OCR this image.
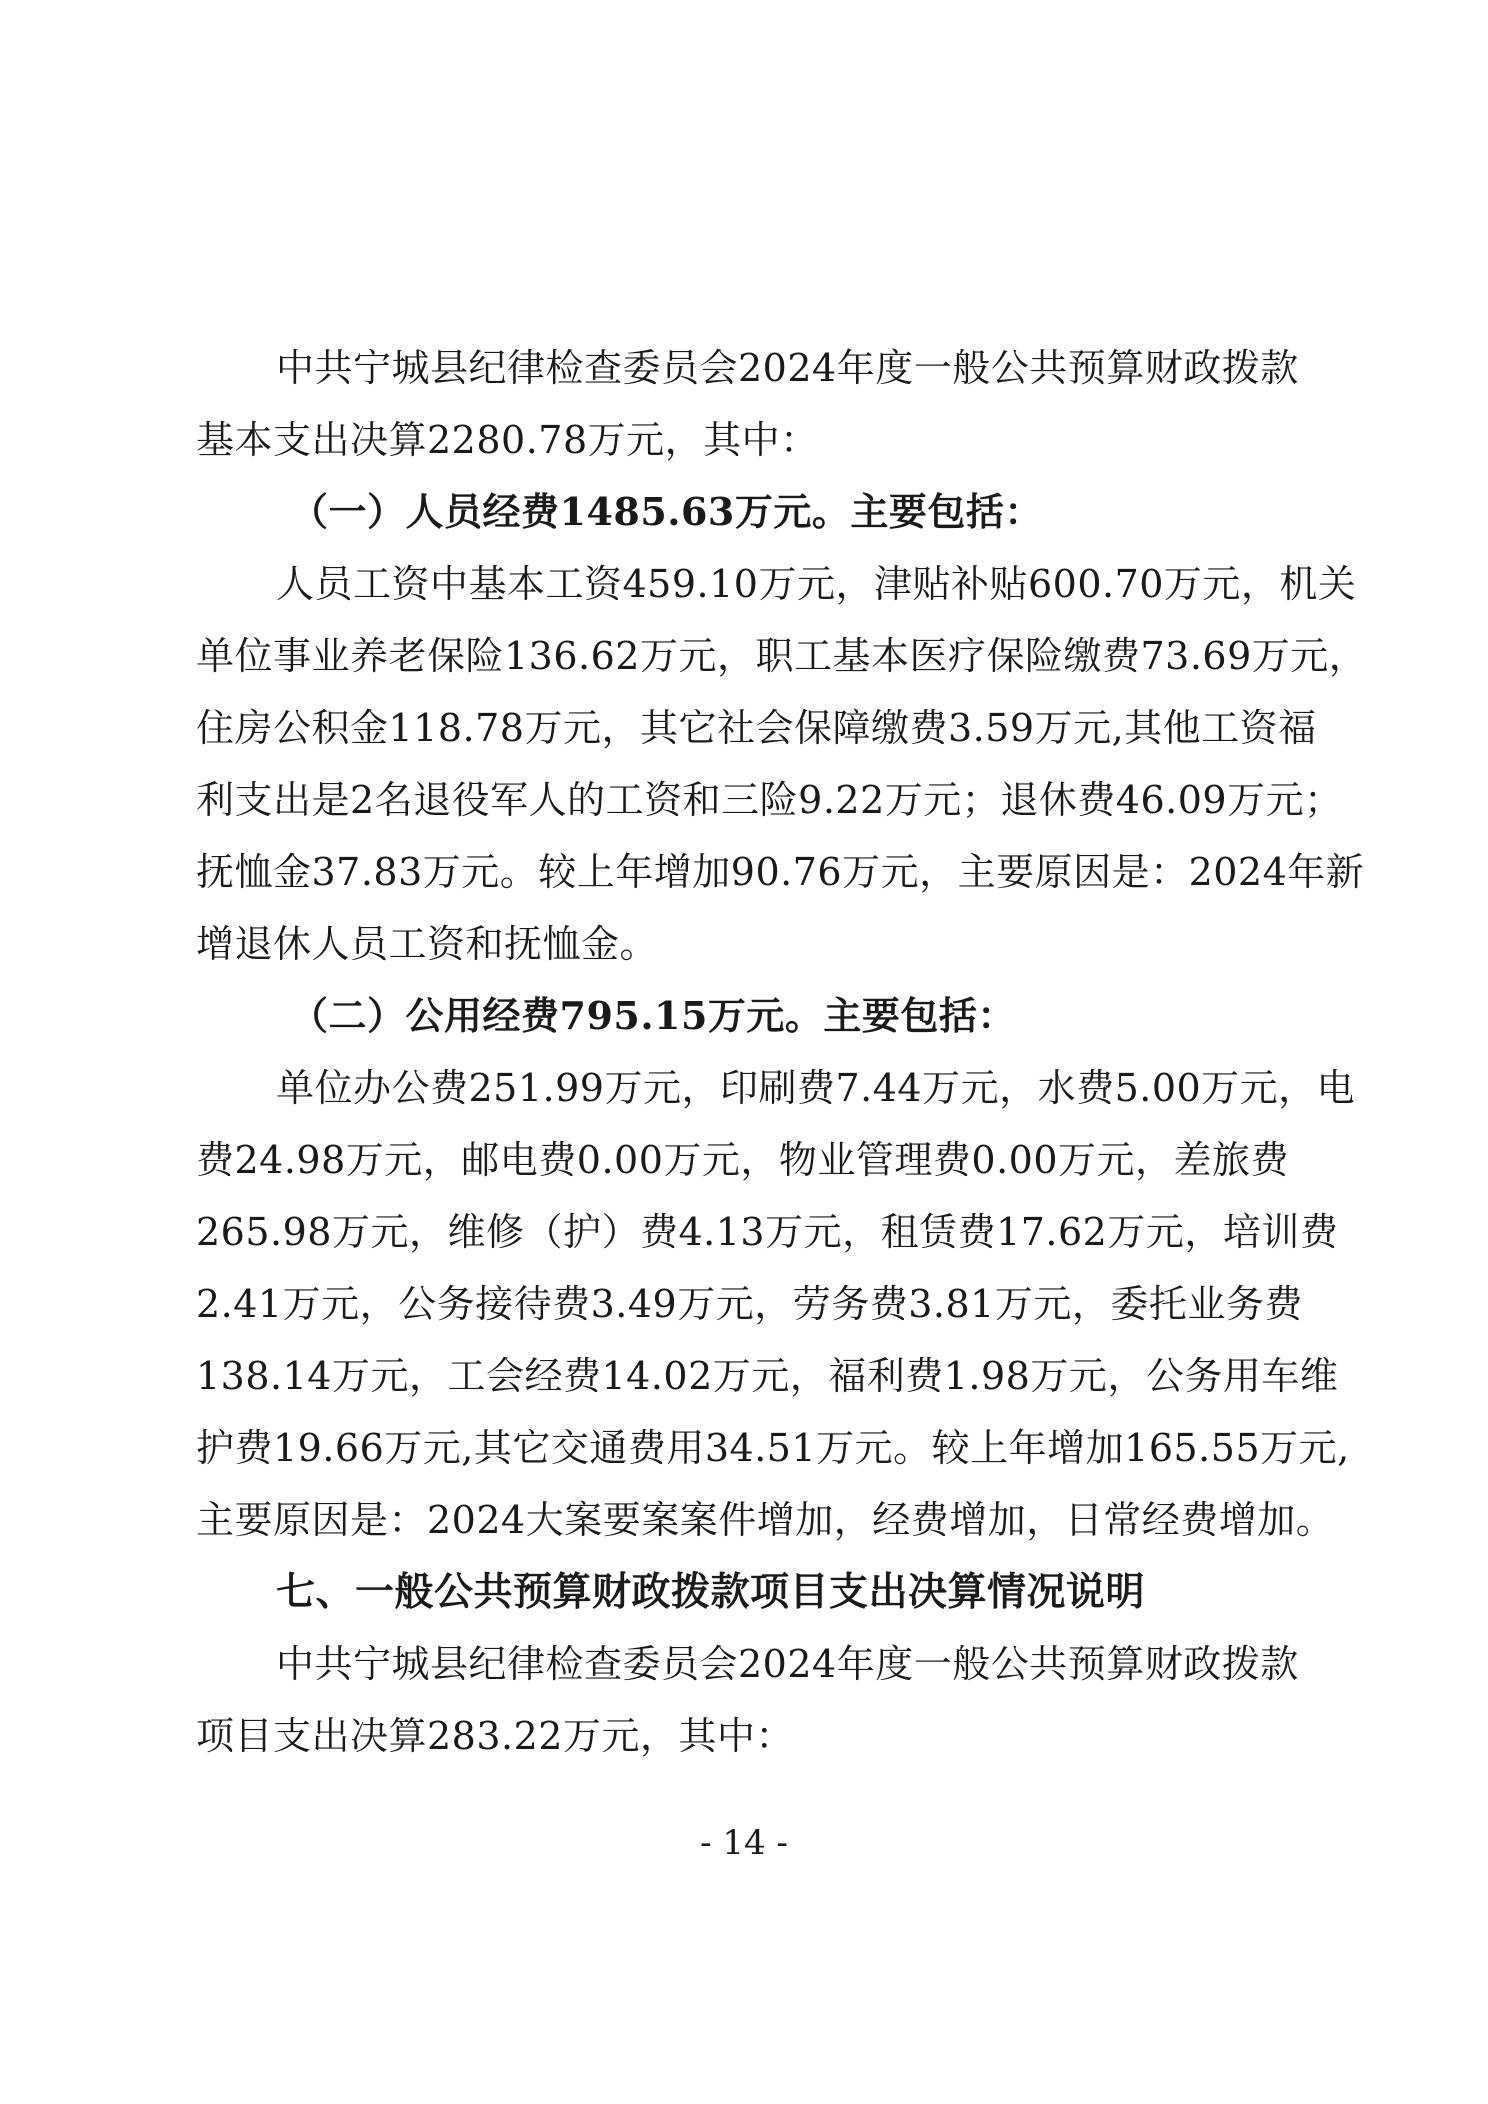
中共宁城县纪律检查委员会2024年度一般公共预算财政拨款
基本支出决算2280.78万元，其中：
（一）人员经费1485.63万元。主要包括：
人员工资中基本工资459.10万元，津贴补贴600.70万元，机关
单位事业养老保险136.62万元，职工基本医疗保险缴费73.69万元，
住房公积金118.78万元，其它社会保障缴费3.59万元,其他工资福
利支出是2名退役军人的工资和三险9.22万元；退休费46.09万元；
抚恤金37.83万元。较上年增加90.76万元，主要原因是：2024年新
增退休人员工资和抚恤金。
（二）公用经费795.15万元。主要包括：
单位办公费251.99万元，印刷费7.44万元，水费5.00万元，电
费24.98万元，邮电费0.00万元，物业管理费0.00万元，差旅费
265.98万元，维修（护）费4.13万元，租赁费17.62万元，培训费
2.41万元，公务接待费3.49万元，劳务费3.81万元，委托业务费
138.14万元，工会经费14.02万元，福利费1.98万元，公务用车维
护费19.66万元,其它交通费用34.51万元。较上年增加165.55万元,
主要原因是：2024大案要案案件增加，经费增加，日常经费增加。
七、一般公共预算财政拨款项目支出决算情况说明
中共宁城县纪律检查委员会2024年度一般公共预算财政拨款
项目支出决算283.22万元，其中：
- 14 -
